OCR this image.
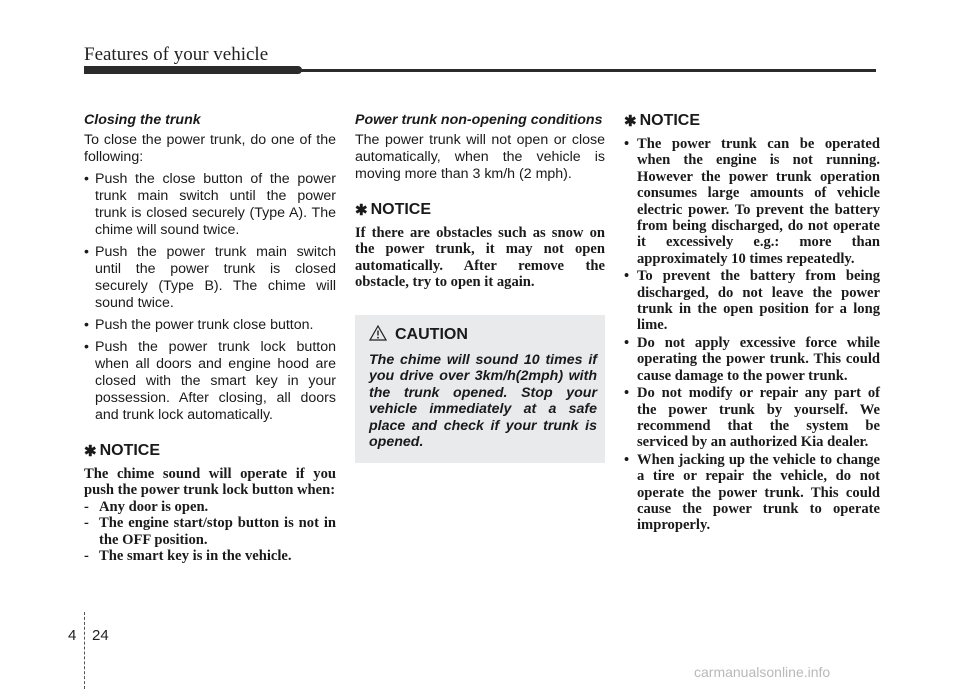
Features of your vehicle
Closing the trunk

To close the power trunk, do one of the following:

• Push the close button of the power trunk main switch until the power trunk is closed securely (Type A). The chime will sound twice.
• Push the power trunk main switch until the power trunk is closed securely (Type B). The chime will sound twice.
• Push the power trunk close button.
• Push the power trunk lock button when all doors and engine hood are closed with the smart key in your possession. After closing, all doors and trunk lock automatically.
✱ NOTICE

The chime sound will operate if you push the power trunk lock button when:

- Any door is open.
- The engine start/stop button is not in the OFF position.
- The smart key is in the vehicle.
Power trunk non-opening conditions

The power trunk will not open or close automatically, when the vehicle is moving more than 3 km/h (2 mph).

✱ NOTICE

If there are obstacles such as snow on the power trunk, it may not open automatically. After remove the obstacle, try to open it again.

CAUTION

The chime will sound 10 times if you drive over 3km/h(2mph) with the trunk opened. Stop your vehicle immediately at a safe place and check if your trunk is opened.

✱ NOTICE
• The power trunk can be operated when the engine is not running. However the power trunk operation consumes large amounts of vehicle electric power. To prevent the battery from being discharged, do not operate it excessively e.g.: more than approximately 10 times repeatedly.
• To prevent the battery from being discharged, do not leave the power trunk in the open position for a long lime.
• Do not apply excessive force while operating the power trunk. This could cause damage to the power trunk.
• Do not modify or repair any part of the power trunk by yourself. We recommend that the system be serviced by an authorized Kia dealer.
• When jacking up the vehicle to change a tire or repair the vehicle, do not operate the power trunk. This could cause the power trunk to operate improperly.
4 24
carmanualsonline.info
